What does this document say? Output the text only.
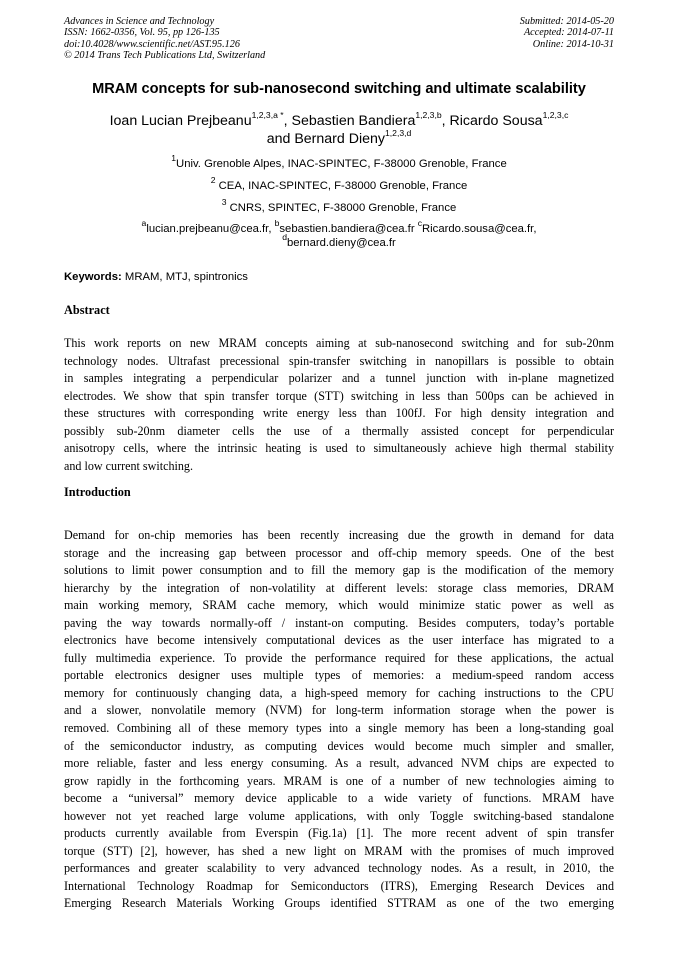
Advances in Science and Technology
ISSN: 1662-0356, Vol. 95, pp 126-135
doi:10.4028/www.scientific.net/AST.95.126
© 2014 Trans Tech Publications Ltd, Switzerland
Submitted: 2014-05-20
Accepted: 2014-07-11
Online: 2014-10-31
MRAM concepts for sub-nanosecond switching and ultimate scalability
Ioan Lucian Prejbeanu$^{1,2,3,a *}$, Sebastien Bandiera$^{1,2,3,b}$, Ricardo Sousa$^{1,2,3,c}$
and Bernard Dieny$^{1,2,3,d}$
$^1$Univ. Grenoble Alpes, INAC-SPINTEC, F-38000 Grenoble, France
$^2$ CEA, INAC-SPINTEC, F-38000 Grenoble, France
$^3$ CNRS, SPINTEC, F-38000 Grenoble, France
$^a$lucian.prejbeanu@cea.fr, $^b$sebastien.bandiera@cea.fr $^c$Ricardo.sousa@cea.fr,
$^d$bernard.dieny@cea.fr
Keywords: MRAM, MTJ, spintronics
Abstract
This work reports on new MRAM concepts aiming at sub-nanosecond switching and for sub-20nm
technology nodes. Ultrafast precessional spin-transfer switching in nanopillars is possible to obtain
in samples integrating a perpendicular polarizer and a tunnel junction with in-plane magnetized
electrodes. We show that spin transfer torque (STT) switching in less than 500ps can be achieved in
these structures with corresponding write energy less than 100fJ. For high density integration and
possibly sub-20nm diameter cells the use of a thermally assisted concept for perpendicular
anisotropy cells, where the intrinsic heating is used to simultaneously achieve high thermal stability
and low current switching.
Introduction
Demand for on-chip memories has been recently increasing due the growth in demand for data
storage and the increasing gap between processor and off-chip memory speeds. One of the best
solutions to limit power consumption and to fill the memory gap is the modification of the memory
hierarchy by the integration of non-volatility at different levels: storage class memories, DRAM
main working memory, SRAM cache memory, which would minimize static power as well as
paving the way towards normally-off / instant-on computing. Besides computers, today’s portable
electronics have become intensively computational devices as the user interface has migrated to a
fully multimedia experience. To provide the performance required for these applications, the actual
portable electronics designer uses multiple types of memories: a medium-speed random access
memory for continuously changing data, a high-speed memory for caching instructions to the CPU
and a slower, nonvolatile memory (NVM) for long-term information storage when the power is
removed. Combining all of these memory types into a single memory has been a long-standing goal
of the semiconductor industry, as computing devices would become much simpler and smaller,
more reliable, faster and less energy consuming. As a result, advanced NVM chips are expected to
grow rapidly in the forthcoming years. MRAM is one of a number of new technologies aiming to
become a “universal” memory device applicable to a wide variety of functions. MRAM have
however not yet reached large volume applications, with only Toggle switching-based standalone
products currently available from Everspin (Fig.1a) [1]. The more recent advent of spin transfer
torque (STT) [2], however, has shed a new light on MRAM with the promises of much improved
performances and greater scalability to very advanced technology nodes. As a result, in 2010, the
International Technology Roadmap for Semiconductors (ITRS), Emerging Research Devices and
Emerging Research Materials Working Groups identified STTRAM as one of the two emerging
